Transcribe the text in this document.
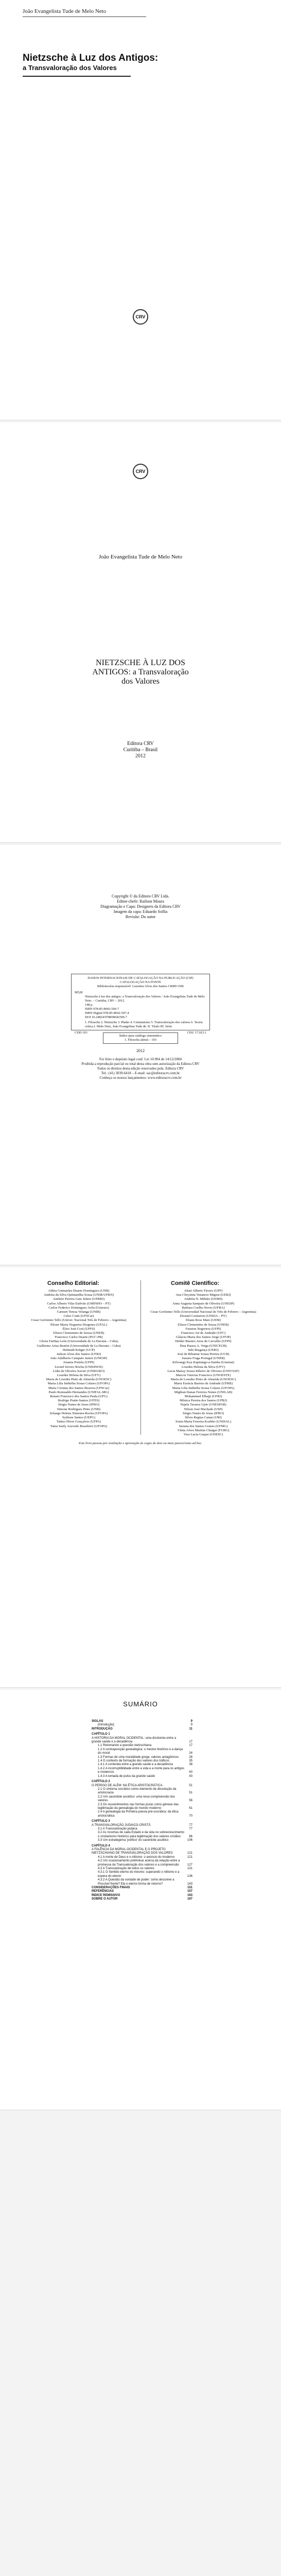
João Evangelista Tude de Melo Neto
Nietzsche à Luz dos Antigos:
a Transvaloração dos Valores
CRV
João Evangelista Tude de Melo Neto
NIETZSCHE À LUZ DOS
ANTIGOS: a Transvaloração
dos Valores
Editora CRV
Curitiba – Brasil
2012
Copyright © da Editora CRV Ltda.
Editor-chefe: Railson Moura
Diagramação e Capa: Designers da Editora CRV
Imagem da capa: Eduardo Sollia
Revisão: Do autor
DADOS INTERNACIONAIS DE CATALOGAÇÃO NA PUBLICAÇÃO (CIP)
CATALOGAÇÃO NA FONTE
Bibliotecária responsável: Luzenira Alves dos Santos CRB9/1506
M528
Nietzsche à luz dos antigos: a Transvaloração dos Valores / João Evangelista Tude de Melo Neto. – Curitiba, CRV – 2012.
148 p.
ISBN 978-85-8042-506-7
ISBN Digital 978-85-8042-507-4
DOI 10.24824/978858042506.7
1. Filosofia 2. Nietzsche 3. Platão 4. Cristianismo 5. Transvaloração dos valores 6. Teoria crítica I. Melo Neto, João Evangelista Tude de. II. Título III. Série
CDD 193	CDU 17.023.1
Índice para catálogo sistemático
1. Filosofia alemã – 193
2012
Foi feito o depósito legal conf. Lei 10.994 de 14/12/2004
Proibida a reprodução parcial ou total desta obra sem autorização da Editora CRV
Todos os direitos desta edição reservados pela: Editora CRV
Tel.: (41) 3039-6418 – E-mail: sac@editoracrv.com.br
Conheça os nossos lançamentos: www.editoracrv.com.br
Conselho Editorial:	Comitê Científico:
Aldira Guimarães Duarte Domínguez (UNB)
Andréia da Silva Quintanilha Sousa (UNIR/UFRN)
Antônio Pereira Gaio Júnior (UFRRJ)
Carlos Alberto Vilar Estêvão (UMINHO – PT)
Carlos Federico Dominguez Avila (Unieuro)
Carmen Tereza Velanga (UNIR)
Celso Conti (UFSCar)
Cesar Gerónimo Tello (Univer. Nacional Três de Febrero – Argentina)
Elione Maria Nogueira Diogenes (UFAL)
Élsio José Corá (UFFS)
Elizeu Clementino de Souza (UNEB)
Francisco Carlos Duarte (PUC-PR)
Gloria Fariñas León (Universidade de La Havana – Cuba)
Guillermo Arias Beatón (Universidade de La Havana – Cuba)
Helmuth Krüger (UCP)
Jailson Alves dos Santos (UFRJ)
João Adalberto Campato Junior (UNESP)
Josania Portela (UFPI)
Leonel Severo Rocha (UNISINOS)
Lídia de Oliveira Xavier (UNIEURO)
Lourdes Helena da Silva (UFV)
Maria de Lourdes Pinto de Almeida (UNOESC)
Maria Lília Imbiriba Sousa Colares (UFOPA)
Maria Cristina dos Santos Bezerra (UFSCar)
Paulo Romualdo Hernandes (UNIFAL-MG)
Renato Francisco dos Santos Paula (UFG)
Rodrigo Pratte-Santos (UFES)
Sérgio Nunes de Jesus (IFRO)
Simone Rodrigues Pinto (UNB)
Solange Helena Ximenes-Rocha (UFOPA)
Sydione Santos (UEPG)
Tadeu Oliver Gonçalves (UFPA)
Tania Suely Azevedo Brasileiro (UFOPA)
Altair Alberto Fávero (UPF)
Ana Chrystina Venancio Mignot (UERJ)
Andréia N. Militão (UEMS)
Anna Augusta Sampaio de Oliveira (UNESP)
Barbara Coelho Neves (UFBA)
Cesar Gerónimo Tello (Universidad Nacional de Três de Febrero – Argentina)
Diosnel Centurion (UNIDA – PY)
Eliane Rose Maio (UEM)
Elizeu Clementino de Souza (UNEB)
Fauston Negreiros (UFPI)
Francisco Ari de Andrade (UFC)
Gláucia Maria dos Santos Jorge (UFOP)
Helder Buenos Aires de Carvalho (UFPI)
Ilma Passos A. Veiga (UNICEUB)
Inês Bragança (UERJ)
José de Ribamar Sousa Pereira (UCB)
Jussara Fraga Portugal (UNEB)
Kilwangy Kya Kapitango-a-Samba (Unemat)
Lourdes Helena da Silva (UFV)
Lucia Marisy Souza Ribeiro de Oliveira (UNIVASF)
Marcos Vinicius Francisco (UNOESTE)
Maria de Lourdes Pinto de Almeida (UNOESC)
Maria Eurácia Barreto de Andrade (UFRB)
Maria Lília Imbiriba Sousa Colares (UFOPA)
Míghian Danae Ferreira Nunes (UNILAB)
Mohammed Elhajji (UFRJ)
Mônica Pereira dos Santos (UFRJ)
Najela Tavares Ujiie (UNESPAR)
Nilson José Machado (USP)
Sérgio Nunes de Jesus (IFRO)
Silvia Regina Canan (URI)
Sonia Maria Ferreira Koehler (UNISAL)
Suzana dos Santos Gomes (UFMG)
Vânia Alves Martins Chaigar (FURG)
Vera Lucia Gaspar (UDESC)
Este livro passou por avaliação e aprovação às cegas de dois ou mais pareceristas ad hoc.
SUMÁRIO
SIGLAS	9
[Introdução]	9
INTRODUÇÃO	11
CAPÍTULO 1
A HISTÓRIA DA MORAL OCIDENTAL: uma dicotomia entre a grande saúde e a decadência	17
1.1 Retomando a questão nietzschiana	17
1.2 A contraposição genealógica: o mestre histórico e a dança do moral	24
1.3 Formas de uma moralidade grega: valores antagônicos	28
1.4 O contexto da formação dos valores dos tráficos	35
1.4.1 A contenda entre a grande saúde e a decadência	38
1.4.2 A incorruptibilidade entre a vida e a morte para os antigos e modernos	40
1.4.3 A tomada de pulso da grande saúde	43
CAPÍTULO 2
O PERIGO DE ALÉM: NA ÉTICA ARISTOCRÁTICA	51
2.1 O sintoma socrático como elemento de dissolução da aristocracia	51
2.2 Um sacerdote ascético: uma nova compreensão dos valores	56
2.3 Os ressentimentos nas formas puras como gênese das legitimação da genealogia do mundo moderno	61
2.4 A genealogia da Primeira poesia pré-socrática: da ética aristocrática	70
CAPÍTULO 3
A TRANSVALORAÇÃO JUDAICO-CRISTÃ	77
3.1 A Transvaloração judaica	77
3.2 As ricochas de cada Estado e da vida no sobrecrescimento: o cristianismo histórico para legitimação dos valores cristãos	86
3.3 Um estrategema 'político' do sacerdote ascético	106
CAPÍTULO 4
A FALÊNCIA DA MORAL OCIDENTAL E O PROJETO NIETZSCHIANO DE TRANSVALORAÇÃO DOS VALORES	121
4.1 A morte de Deus e o niilismo: o anúncio do moderno	121
4.2 Um ocasionamento preliminar acerca da relação entre a promessa da Transvaloração dos valores e a compreensão	127
4.3 A Transvaloração de todos os valores	131
4.3.1 O Sentido eterno do mesmo: superando o niilismo e a espera do eterno	136
4.3.2 A Questão da vontade de poder: como descreve a Possível frente? Ela o eterno forma de retorno?	143
CONSIDERAÇÕES FINAIS	151
REFERÊNCIAS	157
ÍNDICE REMISSIVO	163
SOBRE O AUTOR	167

CRV
